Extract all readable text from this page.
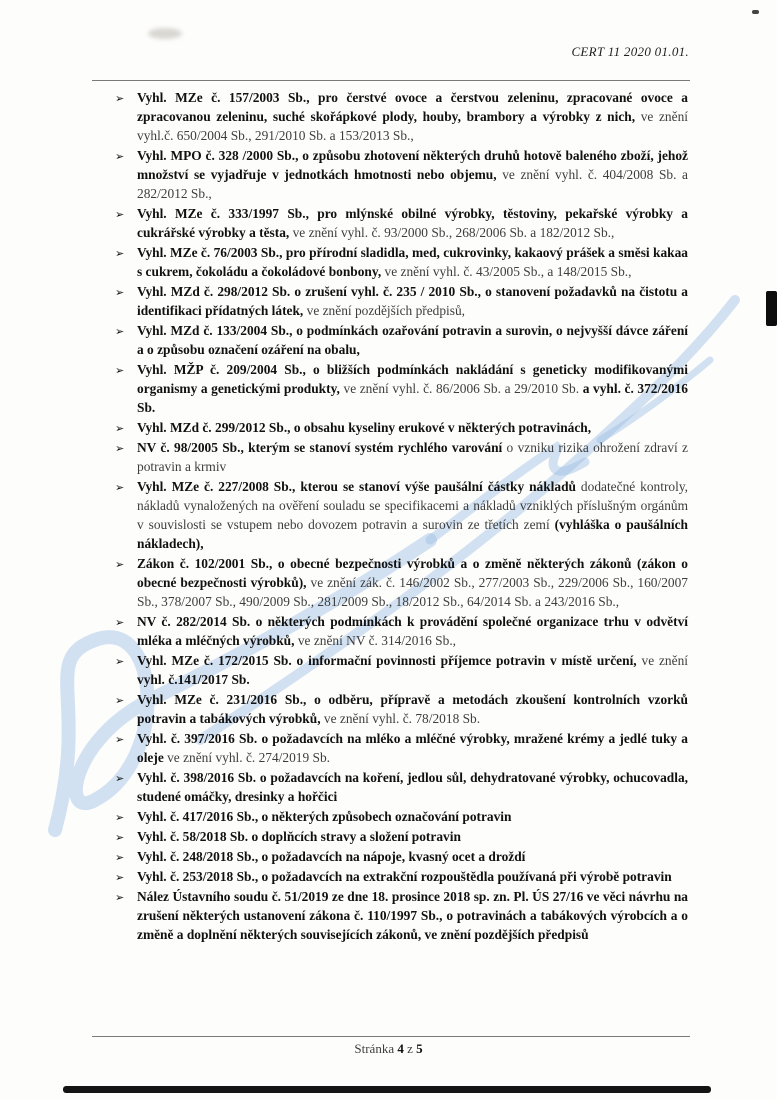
CERT 11 2020 01.01.
➢ Vyhl. MZe č. 157/2003 Sb., pro čerstvé ovoce a čerstvou zeleninu, zpracované ovoce a zpracovanou zeleninu, suché skořápkové plody, houby, brambory a výrobky z nich, ve znění vyhl.č. 650/2004 Sb., 291/2010 Sb. a 153/2013 Sb.,
➢ Vyhl. MPO č. 328 /2000 Sb., o způsobu zhotovení některých druhů hotově baleného zboží, jehož množství se vyjadřuje v jednotkách hmotnosti nebo objemu, ve znění vyhl. č. 404/2008 Sb. a 282/2012 Sb.,
➢ Vyhl. MZe č. 333/1997 Sb., pro mlýnské obilné výrobky, těstoviny, pekařské výrobky a cukrářské výrobky a těsta, ve znění vyhl. č. 93/2000 Sb., 268/2006 Sb. a 182/2012 Sb.,
➢ Vyhl. MZe č. 76/2003 Sb., pro přírodní sladidla, med, cukrovinky, kakaový prášek a směsi kakaa s cukrem, čokoládu a čokoládové bonbony, ve znění vyhl. č. 43/2005 Sb., a 148/2015 Sb.,
➢ Vyhl. MZd č. 298/2012 Sb. o zrušení vyhl. č. 235 / 2010 Sb., o stanovení požadavků na čistotu a identifikaci přídatných látek, ve znění pozdějších předpisů,
➢ Vyhl. MZd č. 133/2004 Sb., o podmínkách ozařování potravin a surovin, o nejvyšší dávce záření a o způsobu označení ozáření na obalu,
➢ Vyhl. MŽP č. 209/2004 Sb., o bližších podmínkách nakládání s geneticky modifikovanými organismy a genetickými produkty, ve znění vyhl. č. 86/2006 Sb. a 29/2010 Sb. a vyhl. č. 372/2016 Sb.
➢ Vyhl. MZd č. 299/2012 Sb., o obsahu kyseliny erukové v některých potravinách,
➢ NV č. 98/2005 Sb., kterým se stanoví systém rychlého varování o vzniku rizika ohrožení zdraví z potravin a krmiv
➢ Vyhl. MZe č. 227/2008 Sb., kterou se stanoví výše paušální částky nákladů dodatečné kontroly, nákladů vynaložených na ověření souladu se specifikacemi a nákladů vzniklých příslušným orgánům v souvislosti se vstupem nebo dovozem potravin a surovin ze třetích zemí (vyhláška o paušálních nákladech),
➢ Zákon č. 102/2001 Sb., o obecné bezpečnosti výrobků a o změně některých zákonů (zákon o obecné bezpečnosti výrobků), ve znění zák. č. 146/2002 Sb., 277/2003 Sb., 229/2006 Sb., 160/2007 Sb., 378/2007 Sb., 490/2009 Sb., 281/2009 Sb., 18/2012 Sb., 64/2014 Sb. a 243/2016 Sb.,
➢ NV č. 282/2014 Sb. o některých podmínkách k provádění společné organizace trhu v odvětví mléka a mléčných výrobků, ve znění NV č. 314/2016 Sb.,
➢ Vyhl. MZe č. 172/2015 Sb. o informační povinnosti příjemce potravin v místě určení, ve znění vyhl. č.141/2017 Sb.
➢ Vyhl. MZe č. 231/2016 Sb., o odběru, přípravě a metodách zkoušení kontrolních vzorků potravin a tabákových výrobků, ve znění vyhl. č. 78/2018 Sb.
➢ Vyhl. č. 397/2016 Sb. o požadavcích na mléko a mléčné výrobky, mražené krémy a jedlé tuky a oleje ve znění vyhl. č. 274/2019 Sb.
➢ Vyhl. č. 398/2016 Sb. o požadavcích na koření, jedlou sůl, dehydratované výrobky, ochucovadla, studené omáčky, dresinky a hořčici
➢ Vyhl. č. 417/2016 Sb., o některých způsobech označování potravin
➢ Vyhl. č. 58/2018 Sb. o doplňcích stravy a složení potravin
➢ Vyhl. č. 248/2018 Sb., o požadavcích na nápoje, kvasný ocet a droždí
➢ Vyhl. č. 253/2018 Sb., o požadavcích na extrakční rozpouštědla používaná při výrobě potravin
➢ Nález Ústavního soudu č. 51/2019 ze dne 18. prosince 2018 sp. zn. Pl. ÚS 27/16 ve věci návrhu na zrušení některých ustanovení zákona č. 110/1997 Sb., o potravinách a tabákových výrobcích a o změně a doplnění některých souvisejících zákonů, ve znění pozdějších předpisů
Stránka 4 z 5
